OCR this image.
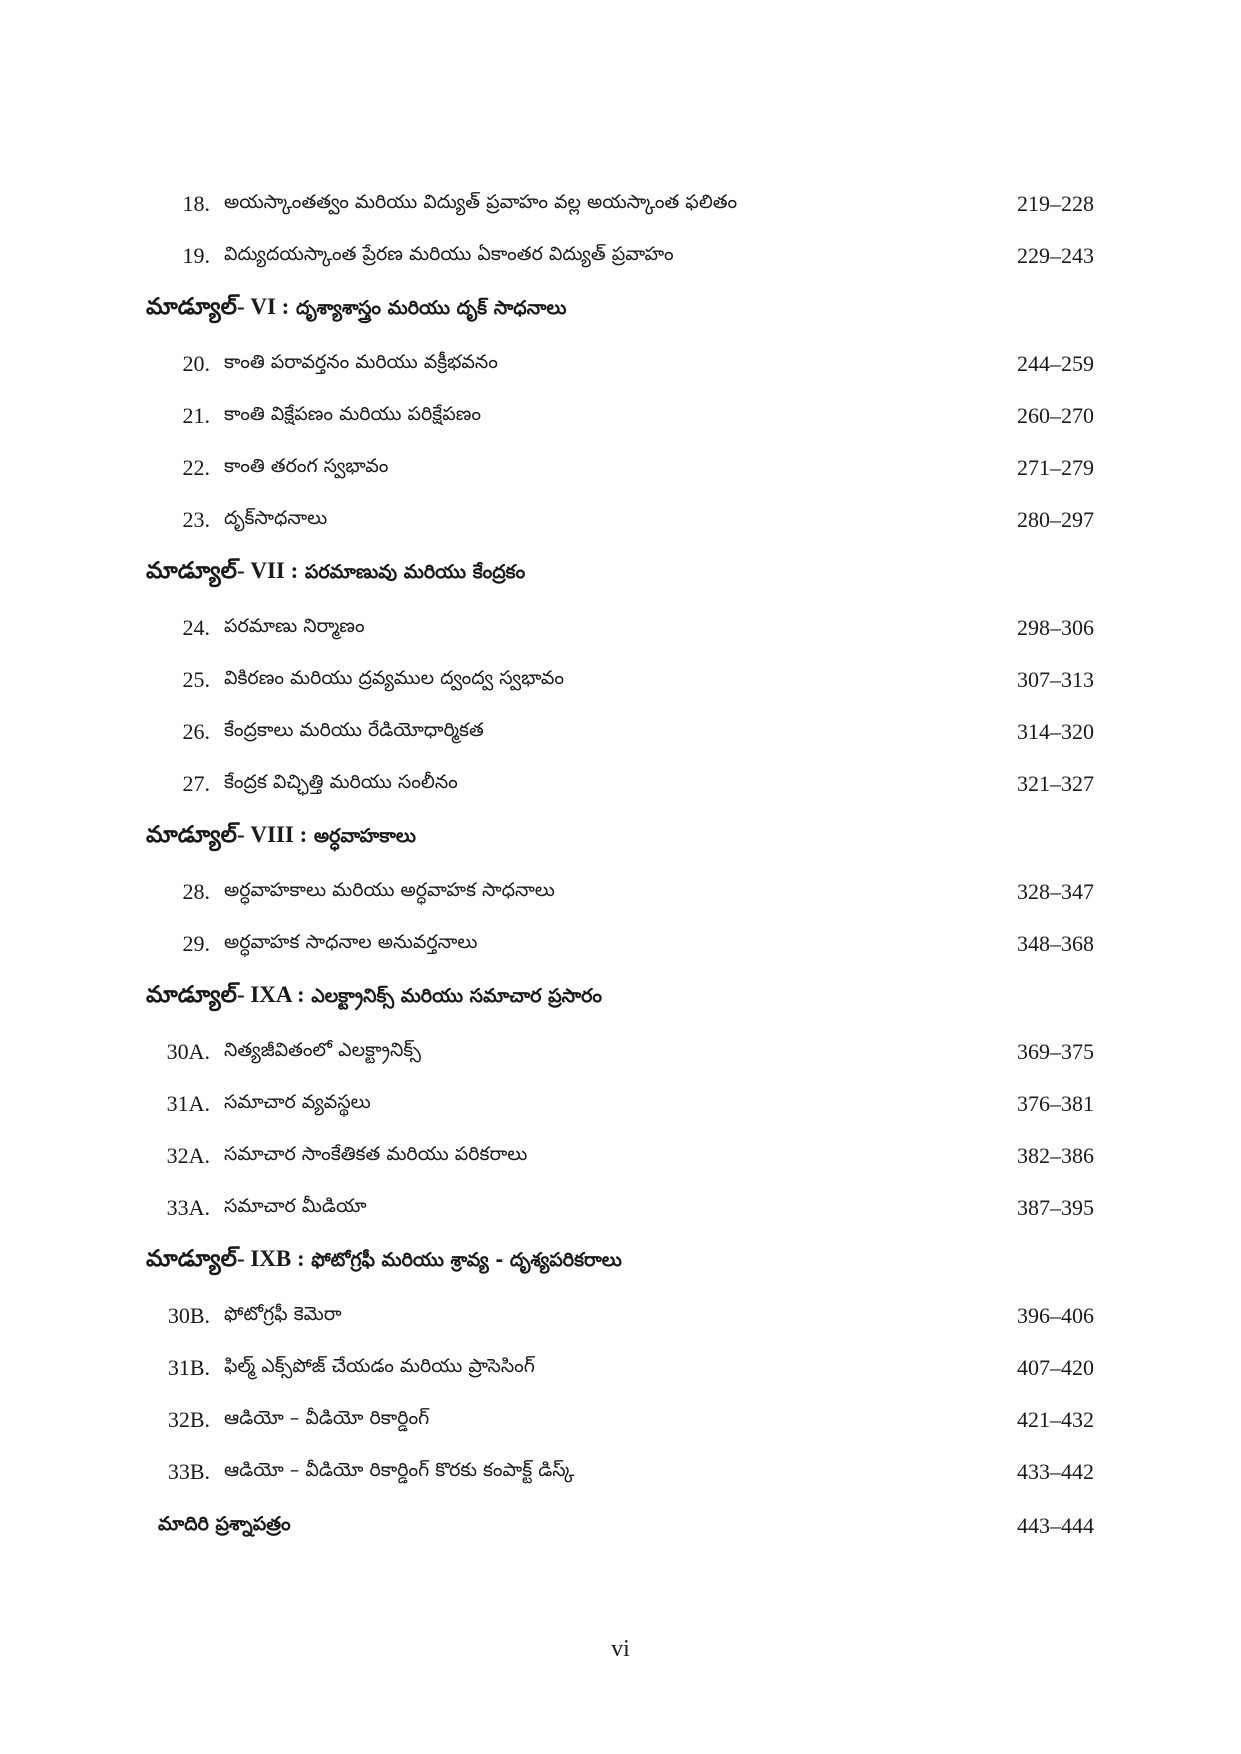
18. అయస్కాంతత్వం మరియు విద్యుత్ ప్రవాహం వల్ల అయస్కాంత ఫలితం	219–228
19. విద్యుదయస్కాంత ప్రేరణ మరియు ఏకాంతర విద్యుత్ ప్రవాహం	229–243
మాడ్యూల్- VI :
దృశ్యాశాస్త్రం మరియు దృక్ సాధనాలు
20. కాంతి పరావర్తనం మరియు వక్రీభవనం	244–259
21. కాంతి విక్షేపణం మరియు పరిక్షేపణం	260–270
22. కాంతి తరంగ స్వభావం	271–279
23. దృక్‌సాధనాలు	280–297
మాడ్యూల్- VII :
పరమాణువు మరియు కేంద్రకం
24. పరమాణు నిర్మాణం	298–306
25. వికిరణం మరియు ద్రవ్యముల ద్వంద్వ స్వభావం	307–313
26. కేంద్రకాలు మరియు రేడియోధార్మికత	314–320
27. కేంద్రక విచ్ఛిత్తి మరియు సంలీనం	321–327
మాడ్యూల్- VIII :
అర్ధవాహకాలు
28. అర్ధవాహకాలు మరియు అర్ధవాహక సాధనాలు	328–347
29. అర్ధవాహక సాధనాల అనువర్తనాలు	348–368
మాడ్యూల్- IXA :
ఎలక్ట్రానిక్స్ మరియు సమాచార ప్రసారం
30A. నిత్యజీవితంలో ఎలక్ట్రానిక్స్	369–375
31A. సమాచార వ్యవస్థలు	376–381
32A. సమాచార సాంకేతికత మరియు పరికరాలు	382–386
33A. సమాచార మీడియా	387–395
మాడ్యూల్- IXB :
ఫోటోగ్రఫీ మరియు శ్రావ్య - దృశ్యపరికరాలు
30B. ఫోటోగ్రఫీ కెమెరా	396–406
31B. ఫిల్మ్ ఎక్స్‌పోజ్ చేయడం మరియు ప్రాసెసింగ్	407–420
32B. ఆడియో – వీడియో రికార్డింగ్	421–432
33B. ఆడియో – వీడియో రికార్డింగ్ కొరకు కంపాక్ట్ డిస్క్	433–442
మాదిరి ప్రశ్నాపత్రం	443–444
vi
